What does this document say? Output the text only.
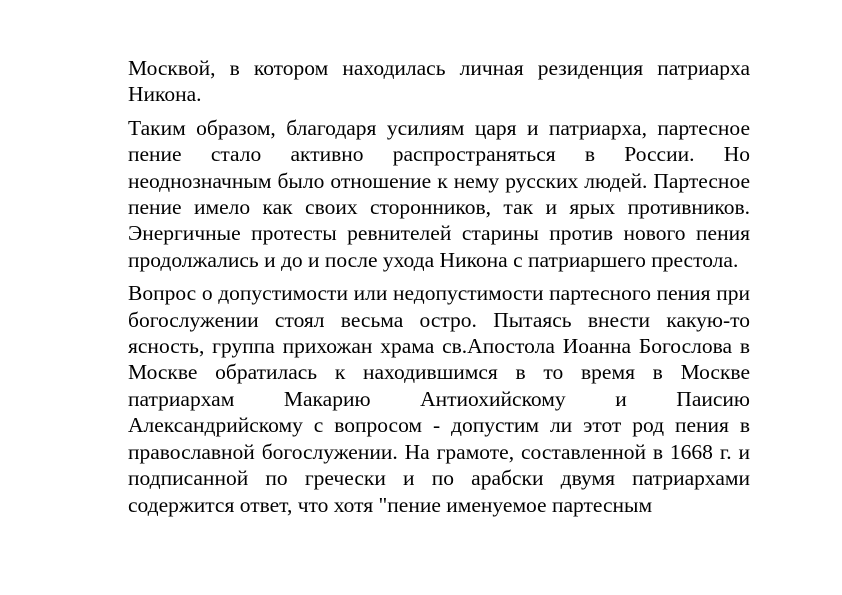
Москвой, в котором находилась личная резиденция патриарха Никона.

Таким образом, благодаря усилиям царя и патриарха, партесное пение стало активно распространяться в России. Но неоднозначным было отношение к нему русских людей. Партесное пение имело как своих сторонников, так и ярых противников. Энергичные протесты ревнителей старины против нового пения продолжались и до и после ухода Никона с патриаршего престола.

Вопрос о допустимости или недопустимости партесного пения при богослужении стоял весьма остро. Пытаясь внести какую-то ясность, группа прихожан храма св.Апостола Иоанна Богослова в Москве обратилась к находившимся в то время в Москве патриархам Макарию Антиохийскому и Паисию Александрийскому с вопросом - допустим ли этот род пения в православной богослужении. На грамоте, составленной в 1668 г. и подписанной по гречески и по арабски двумя патриархами содержится ответ, что хотя "пение именуемое партесным
